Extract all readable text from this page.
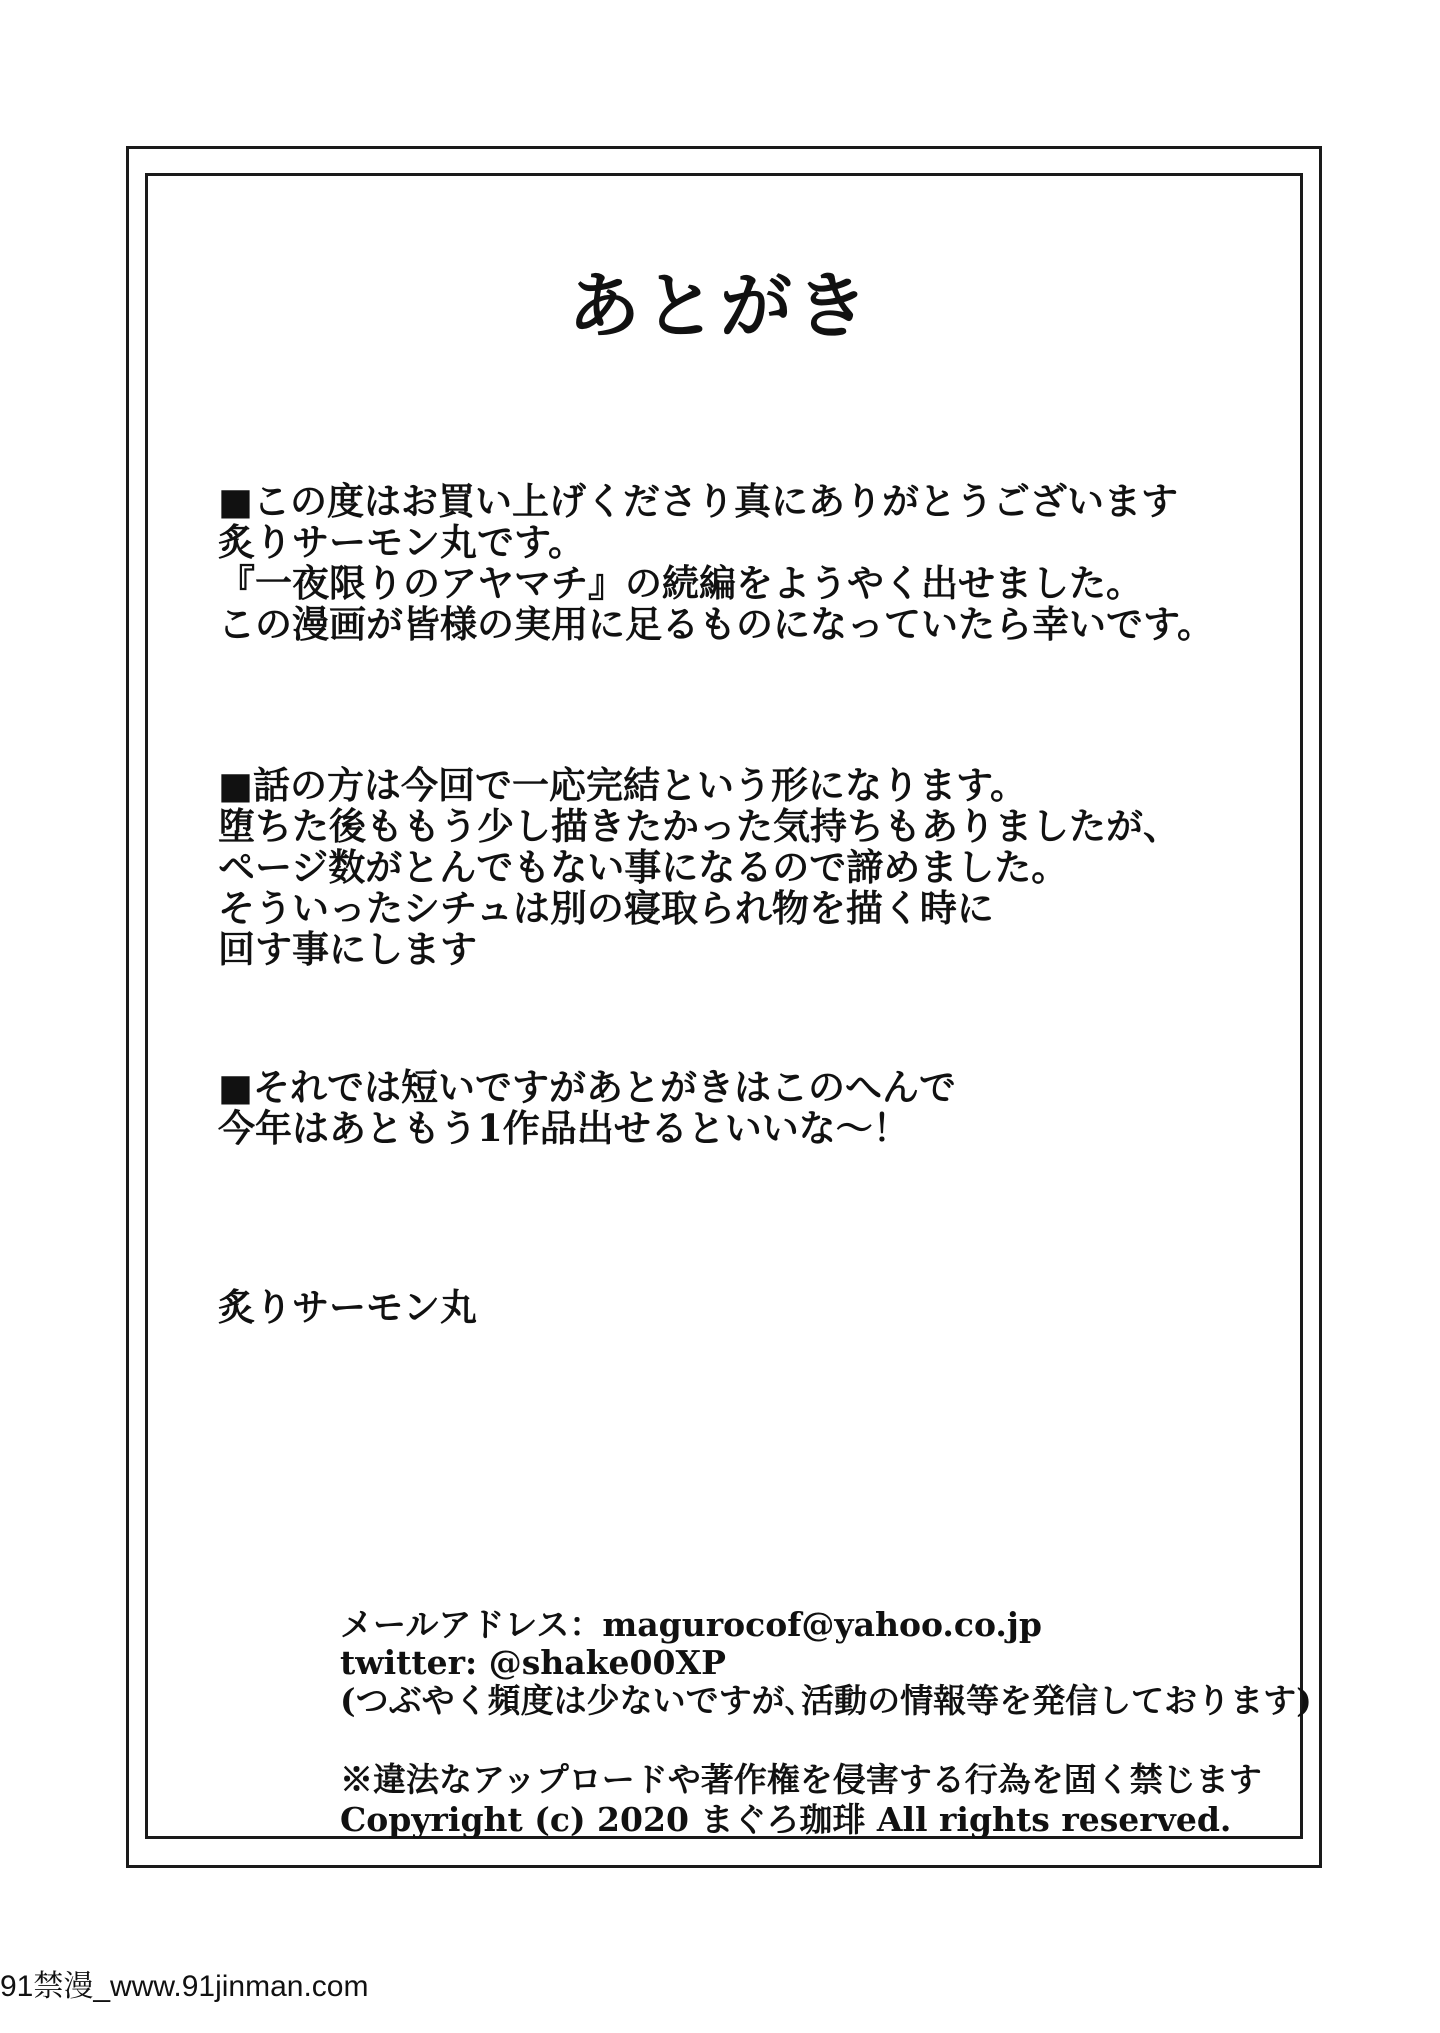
あとがき
■この度はお買い上げくださり真にありがとうございます
炙りサーモン丸です。
『一夜限りのアヤマチ』の続編をようやく出せました。
この漫画が皆様の実用に足るものになっていたら幸いです。
■話の方は今回で一応完結という形になります。
堕ちた後ももう少し描きたかった気持ちもありましたが、
ページ数がとんでもない事になるので諦めました。
そういったシチュは別の寝取られ物を描く時に
回す事にします
■それでは短いですがあとがきはこのへんで
今年はあともう1作品出せるといいな～！
炙りサーモン丸
メールアドレス：magurocof@yahoo.co.jp
twitter: @shake00XP
(つぶやく頻度は少ないですが､活動の情報等を発信しております)
※違法なアップロードや著作権を侵害する行為を固く禁じます
Copyright (c) 2020 まぐろ珈琲 All rights reserved.
91禁漫_www.91jinman.com
